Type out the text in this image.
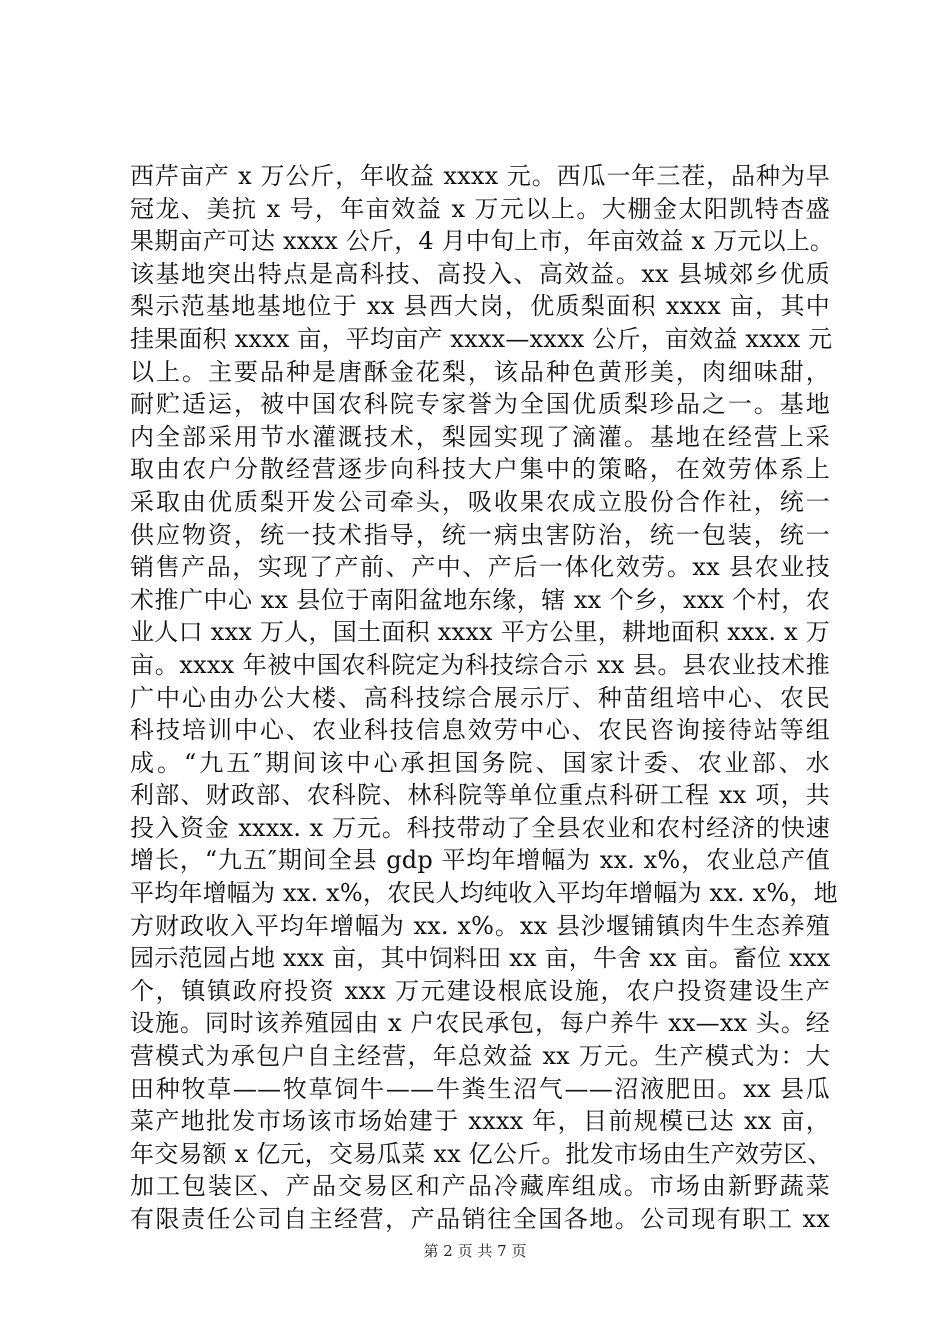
西芹亩产 x 万公斤，年收益 xxxx 元。西瓜一年三茬，品种为早
冠龙、美抗 x 号，年亩效益 x 万元以上。大棚金太阳凯特杏盛
果期亩产可达 xxxx 公斤，4 月中旬上市，年亩效益 x 万元以上。
该基地突出特点是高科技、高投入、高效益。xx 县城郊乡优质
梨示范基地基地位于 xx 县西大岗，优质梨面积 xxxx 亩，其中
挂果面积 xxxx 亩，平均亩产 xxxx—xxxx 公斤，亩效益 xxxx 元
以上。主要品种是唐酥金花梨，该品种色黄形美，肉细味甜，
耐贮适运，被中国农科院专家誉为全国优质梨珍品之一。基地
内全部采用节水灌溉技术，梨园实现了滴灌。基地在经营上采
取由农户分散经营逐步向科技大户集中的策略，在效劳体系上
采取由优质梨开发公司牵头，吸收果农成立股份合作社，统一
供应物资，统一技术指导，统一病虫害防治，统一包装，统一
销售产品，实现了产前、产中、产后一体化效劳。xx 县农业技
术推广中心 xx 县位于南阳盆地东缘，辖 xx 个乡，xxx 个村，农
业人口 xxx 万人，国土面积 xxxx 平方公里，耕地面积 xxx. x 万
亩。xxxx 年被中国农科院定为科技综合示 xx 县。县农业技术推
广中心由办公大楼、高科技综合展示厅、种苗组培中心、农民
科技培训中心、农业科技信息效劳中心、农民咨询接待站等组
成。“九五″期间该中心承担国务院、国家计委、农业部、水
利部、财政部、农科院、林科院等单位重点科研工程 xx 项，共
投入资金 xxxx. x 万元。科技带动了全县农业和农村经济的快速
增长，“九五″期间全县 gdp 平均年增幅为 xx. x%，农业总产值
平均年增幅为 xx. x%，农民人均纯收入平均年增幅为 xx. x%，地
方财政收入平均年增幅为 xx. x%。xx 县沙堰铺镇肉牛生态养殖
园示范园占地 xxx 亩，其中饲料田 xx 亩，牛舍 xx 亩。畜位 xxx
个，镇镇政府投资 xxx 万元建设根底设施，农户投资建设生产
设施。同时该养殖园由 x 户农民承包，每户养牛 xx—xx 头。经
营模式为承包户自主经营，年总效益 xx 万元。生产模式为：大
田种牧草——牧草饲牛——牛粪生沼气——沼液肥田。xx 县瓜
菜产地批发市场该市场始建于 xxxx 年，目前规模已达 xx 亩，
年交易额 x 亿元，交易瓜菜 xx 亿公斤。批发市场由生产效劳区、
加工包装区、产品交易区和产品冷藏库组成。市场由新野蔬菜
有限责任公司自主经营，产品销往全国各地。公司现有职工 xx
第 2 页 共 7 页
